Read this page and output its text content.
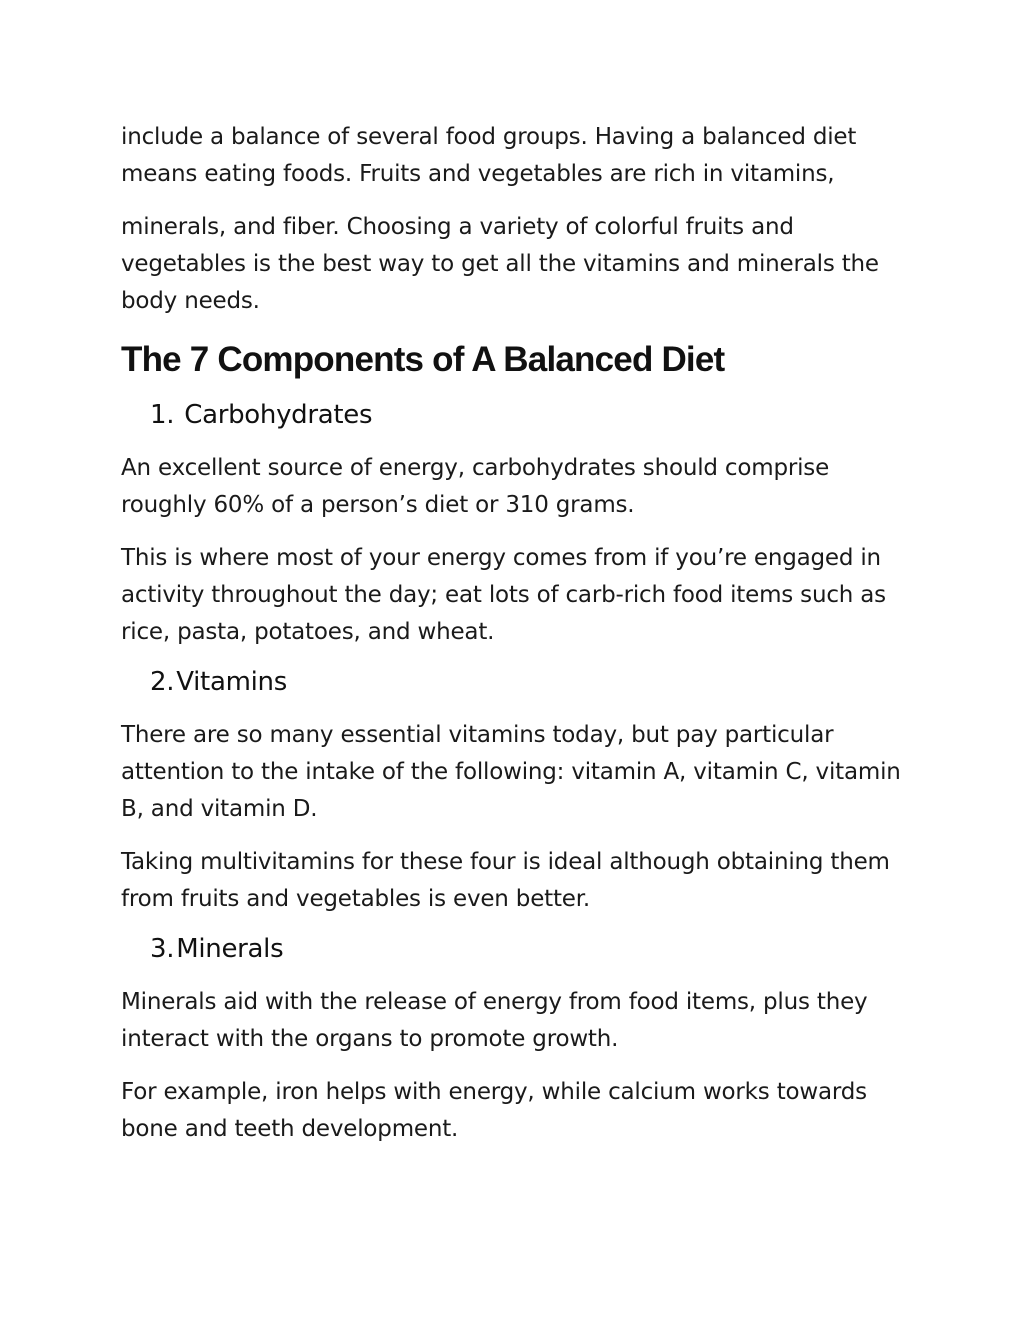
include a balance of several food groups. Having a balanced diet means eating foods. Fruits and vegetables are rich in vitamins,

minerals, and fiber. Choosing a variety of colorful fruits and vegetables is the best way to get all the vitamins and minerals the body needs.

The 7 Components of A Balanced Diet
1. Carbohydrates

An excellent source of energy, carbohydrates should comprise roughly 60% of a person’s diet or 310 grams.

This is where most of your energy comes from if you’re engaged in activity throughout the day; eat lots of carb-rich food items such as rice, pasta, potatoes, and wheat.

2.Vitamins

There are so many essential vitamins today, but pay particular attention to the intake of the following: vitamin A, vitamin C, vitamin B, and vitamin D.

Taking multivitamins for these four is ideal although obtaining them from fruits and vegetables is even better.

3.Minerals

Minerals aid with the release of energy from food items, plus they interact with the organs to promote growth.

For example, iron helps with energy, while calcium works towards bone and teeth development.
